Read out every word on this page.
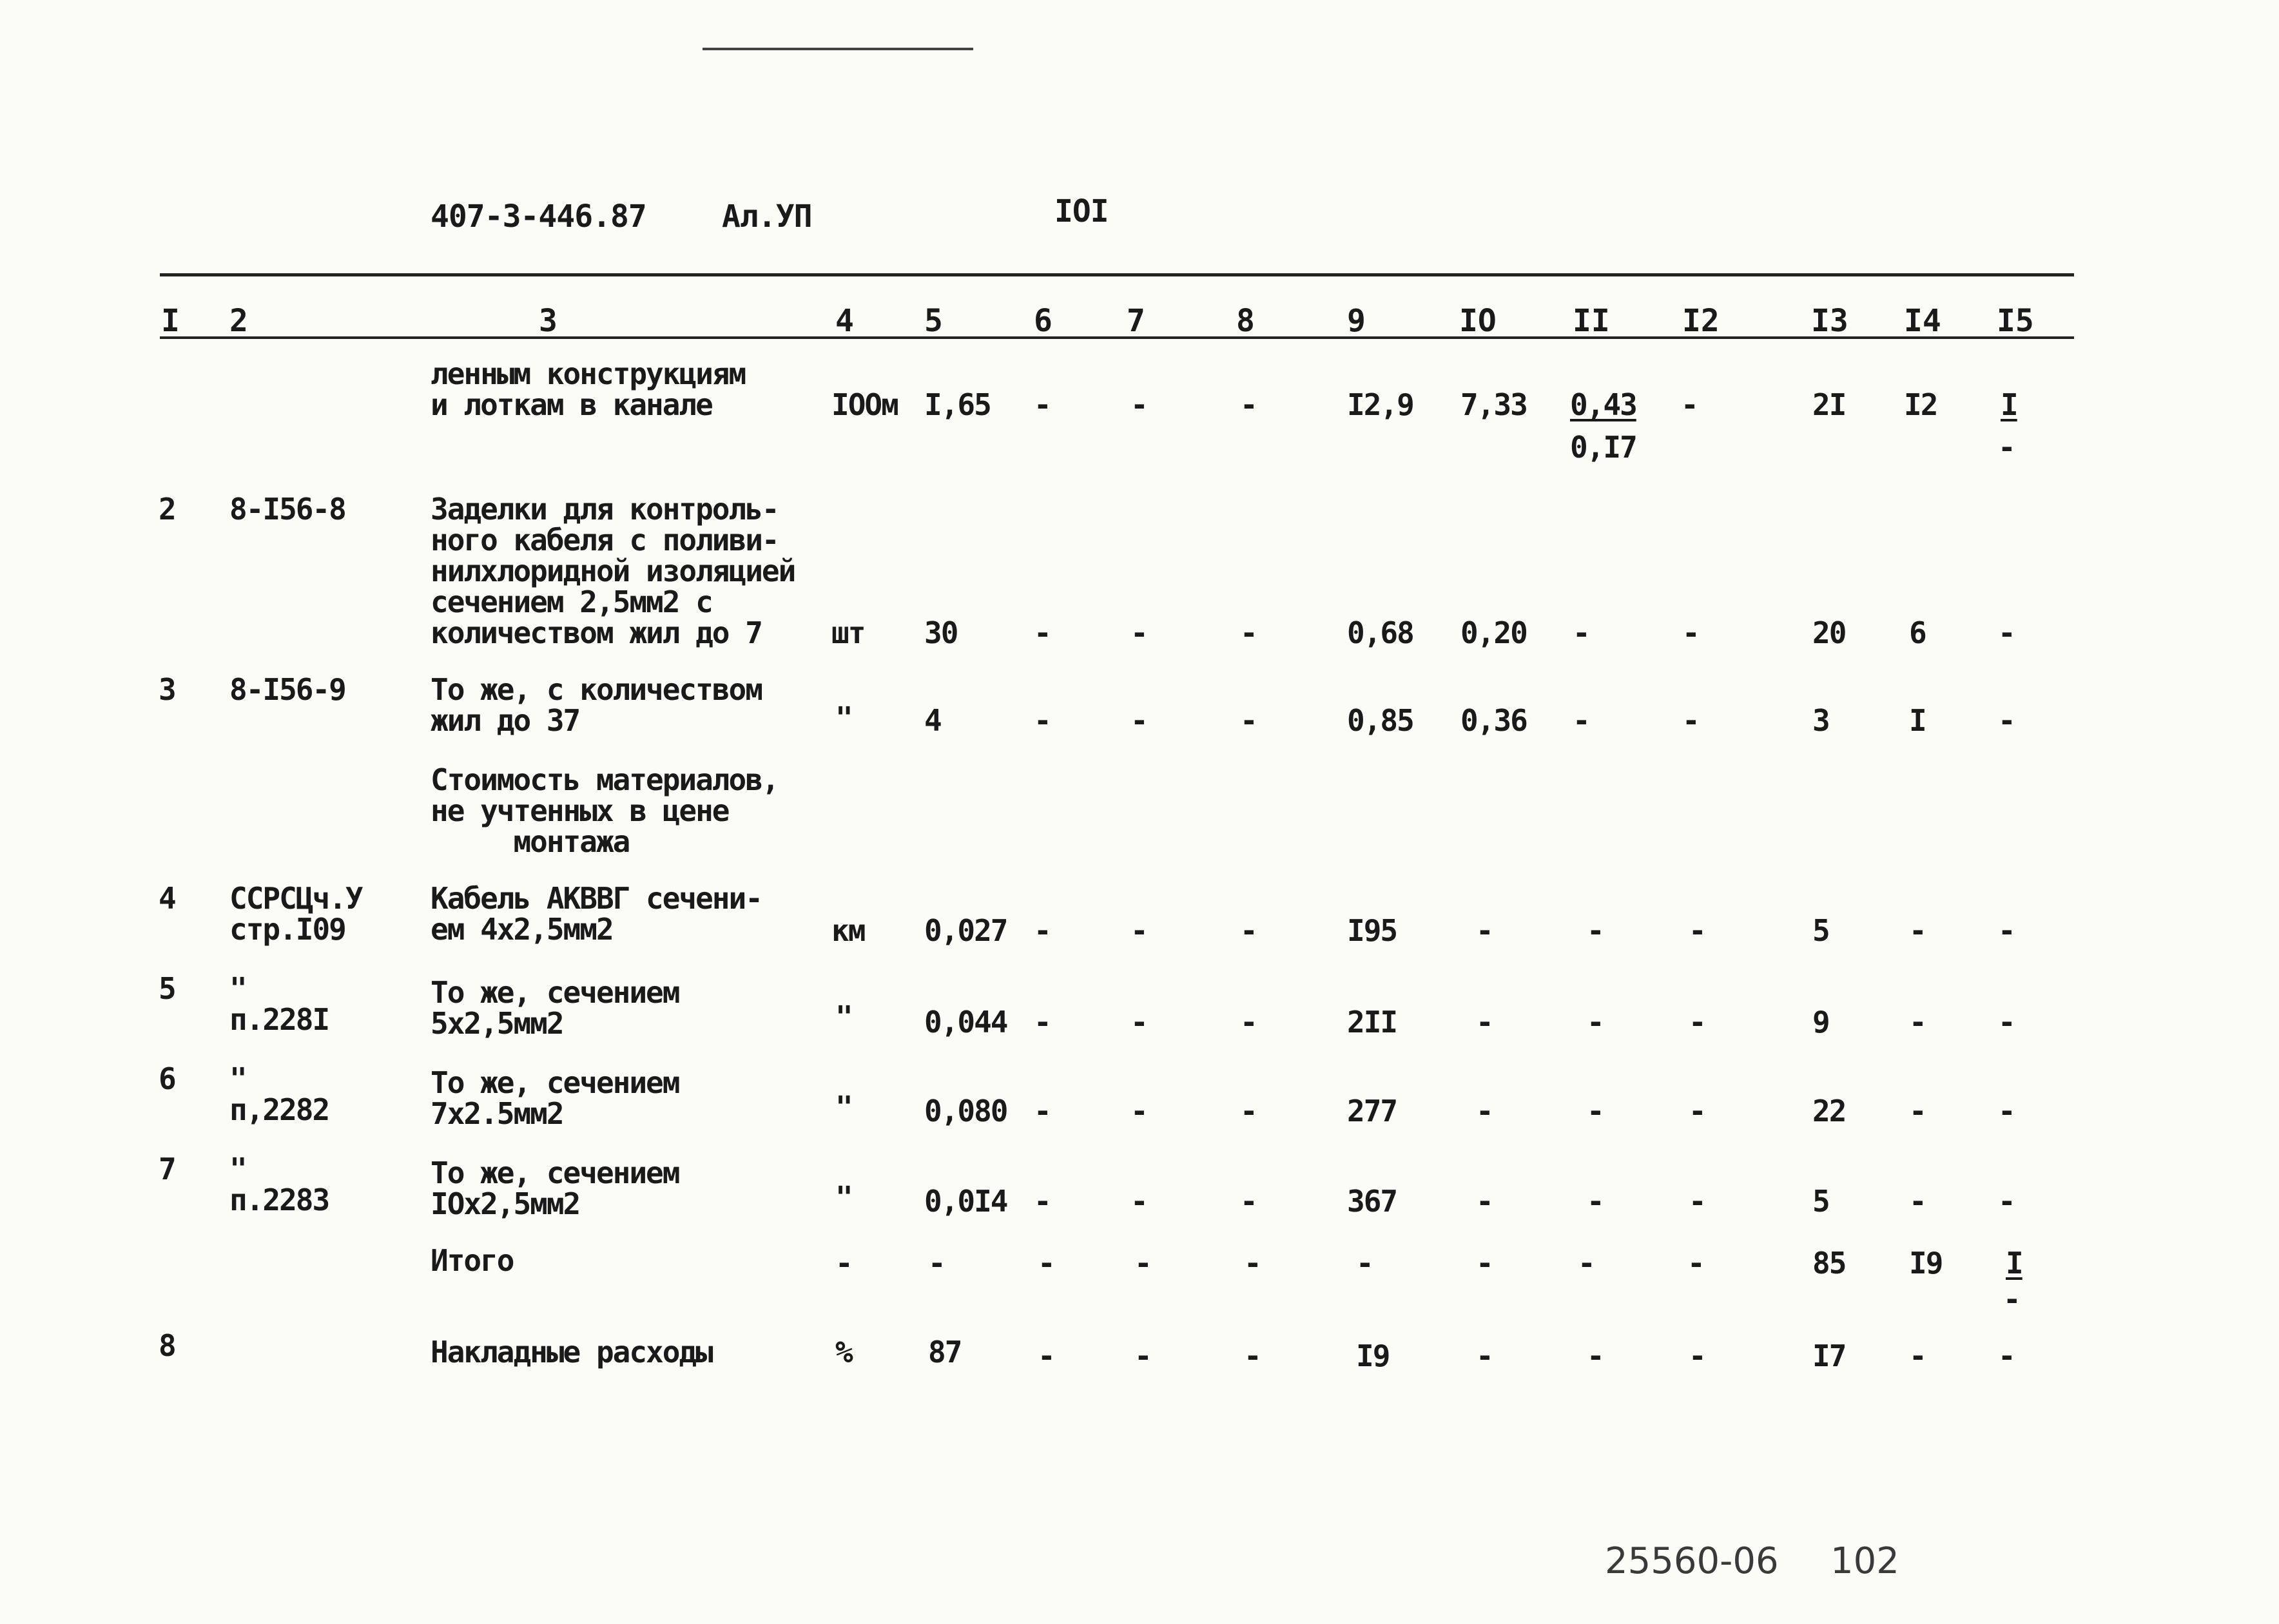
407-3-446.87 Ал.УП	IOI
I 2	3	4 5	6 7	8	9	IO II I2	I3 I4 I5
ленным конструкциям
и лоткам в канале	IOOм I,65 -	-	-	I2,9 7,33 0,43
0,I7
-	2I I2 I
-
2 8-I56-8	Заделки для контроль-
ного кабеля с поливи-
нилхлоридной изоляцией
сечением 2,5мм2 с
количеством жил до 7	шт 30	-	-	-	0,68 0,20 -	-	20 6 -
3 8-I56-9	То же, с количеством
жил до 37	" 4	-	-	-	0,85 0,36 -	-	3	I -
Стоимость материалов,
не учтенных в цене
монтажа
4 ССРСЦч.У
стр.I09
Кабель АКВВГ сечени-
ем 4х2,5мм2	км 0,027 -	-	-	I95	-	-	-	5	- -
5 "
п.228I
То же, сечением
5х2,5мм2	" 0,044 -	-	-	2II	-	-	-	9	- -
6 "
п,2282
То же, сечением
7х2.5мм2	" 0,080 -	-	-	277	-	-	-	22 - -
7 "
п.2283
То же, сечением
IОх2,5мм2	" 0,0I4 -	-	-	367	-	-	-	5	- -
Итого	-	-	-	-	-	-	-	-	-	85 I9 I
-
8	Накладные расходы	%	87	-	-	-	I9	-	-	-	I7 - -
25560-06 102
